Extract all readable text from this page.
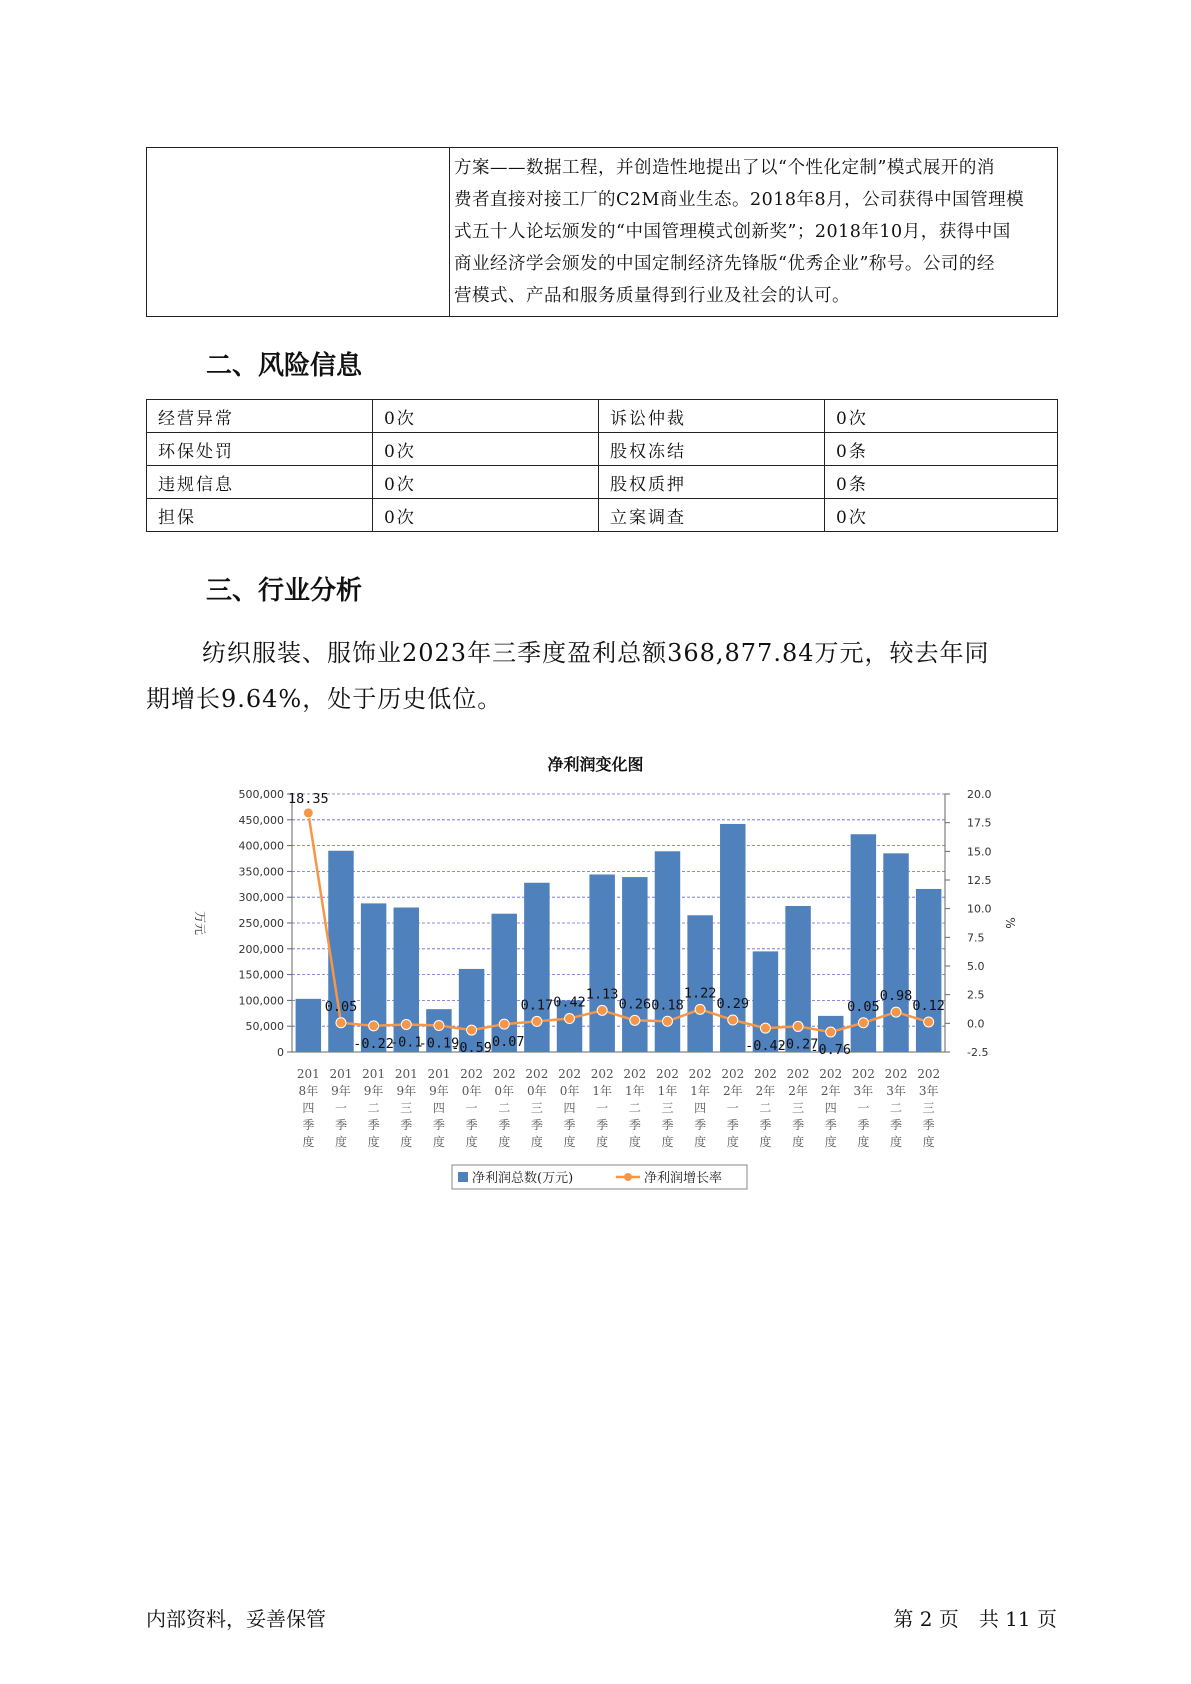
方案——数据工程，并创造性地提出了以“个性化定制”模式展开的消
费者直接对接工厂的C2M商业生态。2018年8月，公司获得中国管理模
式五十人论坛颁发的“中国管理模式创新奖”；2018年10月，获得中国
商业经济学会颁发的中国定制经济先锋版“优秀企业”称号。公司的经
营模式、产品和服务质量得到行业及社会的认可。
二、风险信息
经营异常	0次	诉讼仲裁	0次
环保处罚	0次	股权冻结	0条
违规信息	0次	股权质押	0条
担保	0次	立案调查	0次
三、行业分析
纺织服装、服饰业2023年三季度盈利总额368,877.84万元，较去年同
期增长9.64%，处于历史低位。
净利润变化图
0
50,000
100,000
150,000
200,000
250,000
300,000
350,000
400,000
450,000
500,000
-2.5
0.0
2.5
5.0
7.5
10.0
12.5
15.0
17.5
20.0
万元	%
201
8年
四
季
度
201
9年
一
季
度
201
9年
二
季
度
201
9年
三
季
度
201
9年
四
季
度
202
0年
一
季
度
202
0年
二
季
度
202
0年
三
季
度
202
0年
四
季
度
202
1年
一
季
度
202
1年
二
季
度
202
1年
三
季
度
202
1年
四
季
度
202
2年
一
季
度
202
2年
二
季
度
202
2年
三
季
度
202
2年
四
季
度
202
3年
一
季
度
202
3年
二
季
度
202
3年
三
季
度
18.35
0.05
-0.22
-0.1
-0.19
-0.59
-0.07
0.17 0.42
1.13
0.26 0.18
1.22
0.29
-0.42
-0.27
-0.76
0.05
0.98
0.12
净利润总数(万元)	净利润增长率
内部资料，妥善保管	第 2 页　共 11 页
